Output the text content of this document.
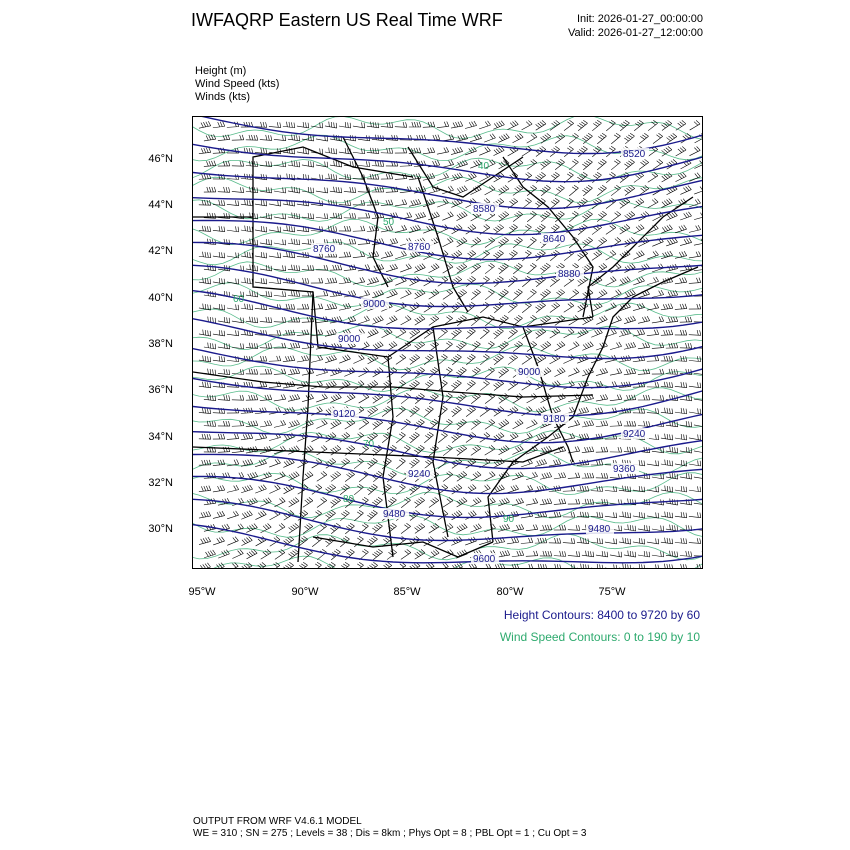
IWFAQRP Eastern US Real Time WRF	Init: 2026-01-27_00:00:00
Valid: 2026-01-27_12:00:00
Height (m)
Wind Speed (kts)
Winds (kts)
8520
8580
8640
8760	8760
8880
9000
9000
9000
9120	9180
9240
9240	9360
9480
9480
9600
40
50
60
70
80
90
46°N
44°N
42°N
40°N
38°N
36°N
34°N
32°N
30°N
95°W	90°W	85°W	80°W	75°W
Height Contours: 8400 to 9720 by 60
Wind Speed Contours: 0 to 190 by 10
OUTPUT FROM WRF V4.6.1 MODEL
WE = 310 ; SN = 275 ; Levels = 38 ; Dis = 8km ; Phys Opt = 8 ; PBL Opt = 1 ; Cu Opt = 3
